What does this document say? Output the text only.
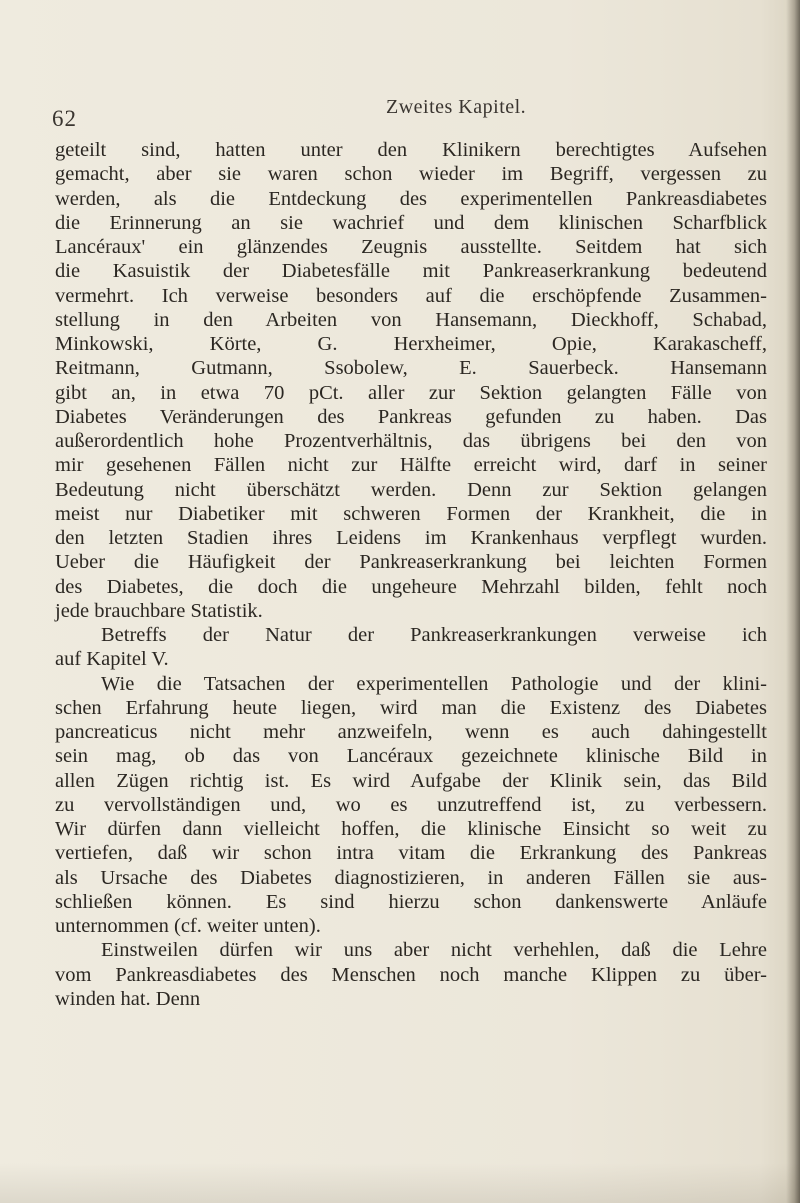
62	Zweites Kapitel.
geteilt sind, hatten unter den Klinikern berechtigtes Aufsehen
gemacht, aber sie waren schon wieder im Begriff, vergessen zu
werden, als die Entdeckung des experimentellen Pankreasdiabetes
die Erinnerung an sie wachrief und dem klinischen Scharfblick
Lancéraux' ein glänzendes Zeugnis ausstellte. Seitdem hat sich
die Kasuistik der Diabetesfälle mit Pankreaserkrankung bedeutend
vermehrt. Ich verweise besonders auf die erschöpfende Zusammen-
stellung in den Arbeiten von Hansemann, Dieckhoff, Schabad,
Minkowski, Körte, G. Herxheimer, Opie, Karakascheff,
Reitmann, Gutmann, Ssobolew, E. Sauerbeck. Hansemann
gibt an, in etwa 70 pCt. aller zur Sektion gelangten Fälle von
Diabetes Veränderungen des Pankreas gefunden zu haben. Das
außerordentlich hohe Prozentverhältnis, das übrigens bei den von
mir gesehenen Fällen nicht zur Hälfte erreicht wird, darf in seiner
Bedeutung nicht überschätzt werden. Denn zur Sektion gelangen
meist nur Diabetiker mit schweren Formen der Krankheit, die in
den letzten Stadien ihres Leidens im Krankenhaus verpflegt wurden.
Ueber die Häufigkeit der Pankreaserkrankung bei leichten Formen
des Diabetes, die doch die ungeheure Mehrzahl bilden, fehlt noch
jede brauchbare Statistik.
Betreffs der Natur der Pankreaserkrankungen verweise ich
auf Kapitel V.
Wie die Tatsachen der experimentellen Pathologie und der klini-
schen Erfahrung heute liegen, wird man die Existenz des Diabetes
pancreaticus nicht mehr anzweifeln, wenn es auch dahingestellt
sein mag, ob das von Lancéraux gezeichnete klinische Bild in
allen Zügen richtig ist. Es wird Aufgabe der Klinik sein, das Bild
zu vervollständigen und, wo es unzutreffend ist, zu verbessern.
Wir dürfen dann vielleicht hoffen, die klinische Einsicht so weit zu
vertiefen, daß wir schon intra vitam die Erkrankung des Pankreas
als Ursache des Diabetes diagnostizieren, in anderen Fällen sie aus-
schließen können. Es sind hierzu schon dankenswerte Anläufe
unternommen (cf. weiter unten).
Einstweilen dürfen wir uns aber nicht verhehlen, daß die Lehre
vom Pankreasdiabetes des Menschen noch manche Klippen zu über-
winden hat. Denn
